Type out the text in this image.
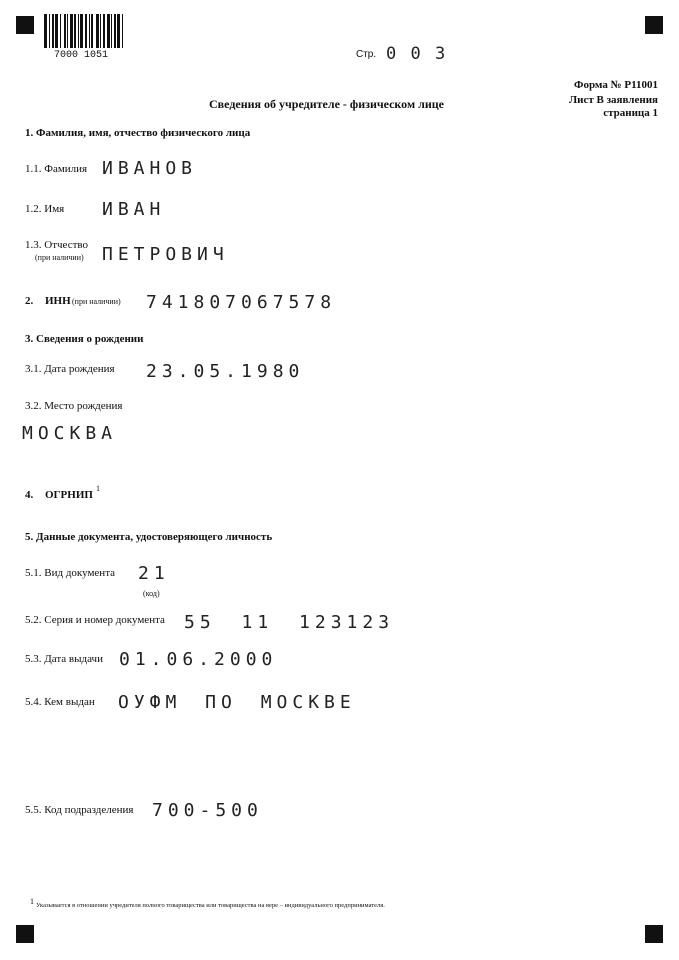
7000 1051	Стр. 0 0 3
Форма № Р11001
Лист В заявления
страница 1
Сведения об учредителе - физическом лице
1. Фамилия, имя, отчество физического лица
1.1. Фамилия ИВАНОВ
1.2. Имя ИВАН
1.3. Отчество
(при наличии) ПЕТРОВИЧ
2. ИНН (при наличии) 741807067578
3. Сведения о рождении
3.1. Дата рождения 23.05.1980
3.2. Место рождения
МОСКВА
4. ОГРНИП
1
5. Данные документа, удостоверяющего личность
5.1. Вид документа 21
(код)
5.2. Серия и номер документа 55 11 123123
5.3. Дата выдачи 01.06.2000
5.4. Кем выдан ОУФМ ПО МОСКВЕ
5.5. Код подразделения 700-500
1 Указывается в отношении учредителя полного товарищества или товарищества на вере – индивидуального предпринимателя.
